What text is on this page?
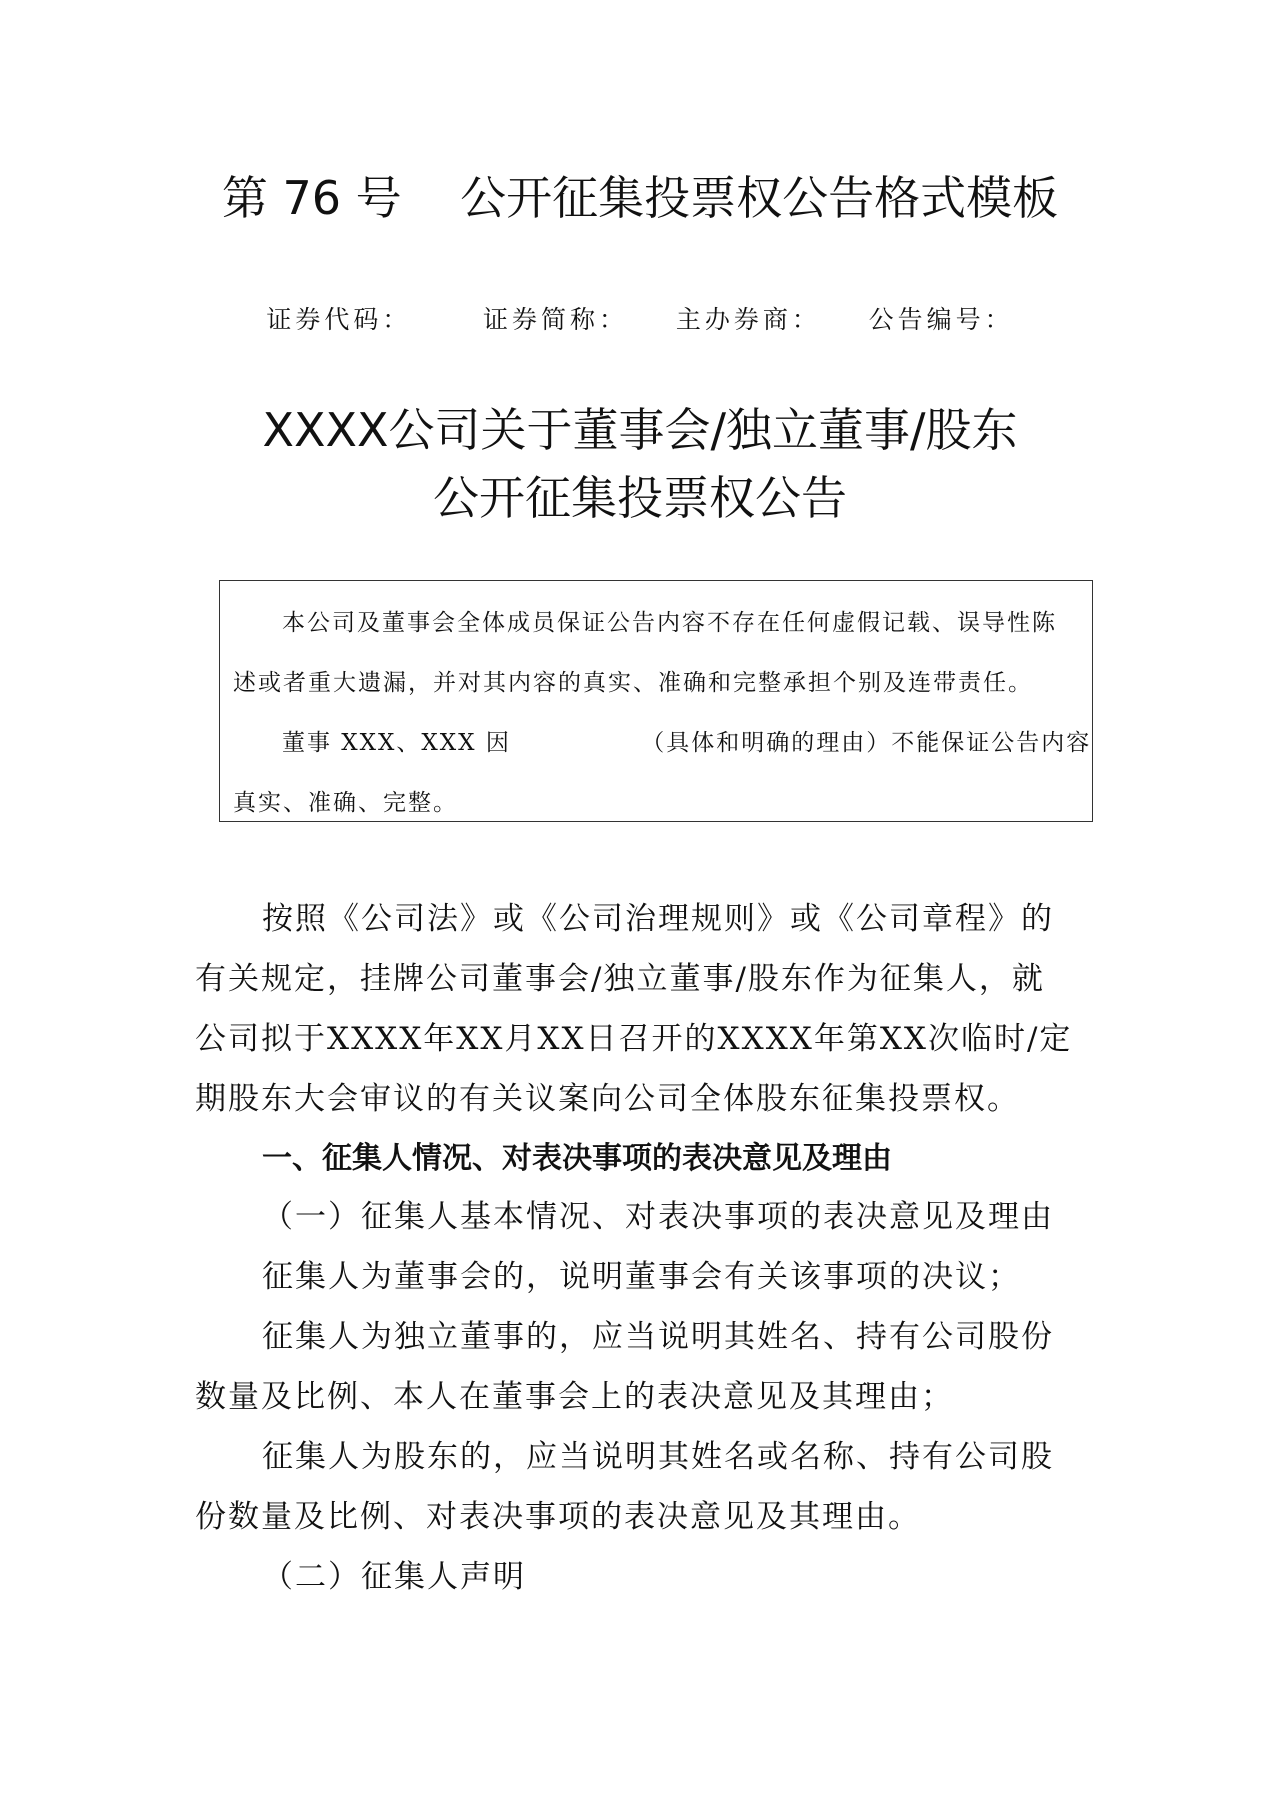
第 76 号    公开征集投票权公告格式模板
证券代码：      证券简称：    主办券商：    公告编号：
XXXX公司关于董事会/独立董事/股东
公开征集投票权公告
本公司及董事会全体成员保证公告内容不存在任何虚假记载、误导性陈
述或者重大遗漏，并对其内容的真实、准确和完整承担个别及连带责任。
董事 XXX、XXX 因              （具体和明确的理由）不能保证公告内容
真实、准确、完整。
按照《公司法》或《公司治理规则》或《公司章程》的
有关规定，挂牌公司董事会/独立董事/股东作为征集人，就
公司拟于XXXX年XX月XX日召开的XXXX年第XX次临时/定
期股东大会审议的有关议案向公司全体股东征集投票权。
一、征集人情况、对表决事项的表决意见及理由
（一）征集人基本情况、对表决事项的表决意见及理由
征集人为董事会的，说明董事会有关该事项的决议；
征集人为独立董事的，应当说明其姓名、持有公司股份
数量及比例、本人在董事会上的表决意见及其理由；
征集人为股东的，应当说明其姓名或名称、持有公司股
份数量及比例、对表决事项的表决意见及其理由。
（二）征集人声明
